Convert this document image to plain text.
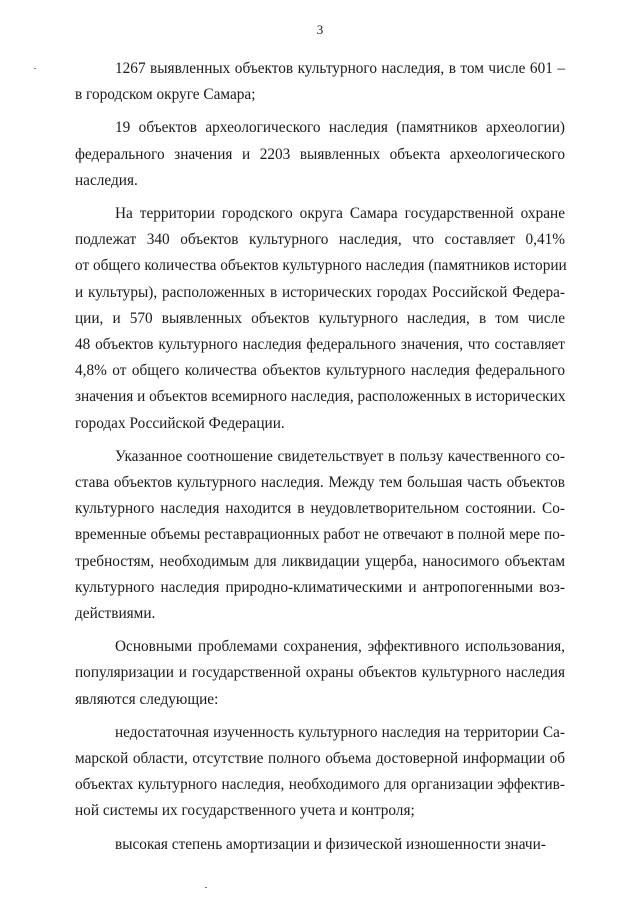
3

1267 выявленных объектов культурного наследия, в том числе 601 –
в городском округе Самара;

19 объектов археологического наследия (памятников археологии)
федерального значения и 2203 выявленных объекта археологического
наследия.

На территории городского округа Самара государственной охране
подлежат 340 объектов культурного наследия, что составляет 0,41%
от общего количества объектов культурного наследия (памятников истории
и культуры), расположенных в исторических городах Российской Федера-
ции, и 570 выявленных объектов культурного наследия, в том числе
48 объектов культурного наследия федерального значения, что составляет
4,8% от общего количества объектов культурного наследия федерального
значения и объектов всемирного наследия, расположенных в исторических
городах Российской Федерации.

Указанное соотношение свидетельствует в пользу качественного со-
става объектов культурного наследия. Между тем большая часть объектов
культурного наследия находится в неудовлетворительном состоянии. Со-
временные объемы реставрационных работ не отвечают в полной мере по-
требностям, необходимым для ликвидации ущерба, наносимого объектам
культурного наследия природно-климатическими и антропогенными воз-
действиями.

Основными проблемами сохранения, эффективного использования,
популяризации и государственной охраны объектов культурного наследия
являются следующие:

недостаточная изученность культурного наследия на территории Са-
марской области, отсутствие полного объема достоверной информации об
объектах культурного наследия, необходимого для организации эффектив-
ной системы их государственного учета и контроля;

высокая степень амортизации и физической изношенности значи-
